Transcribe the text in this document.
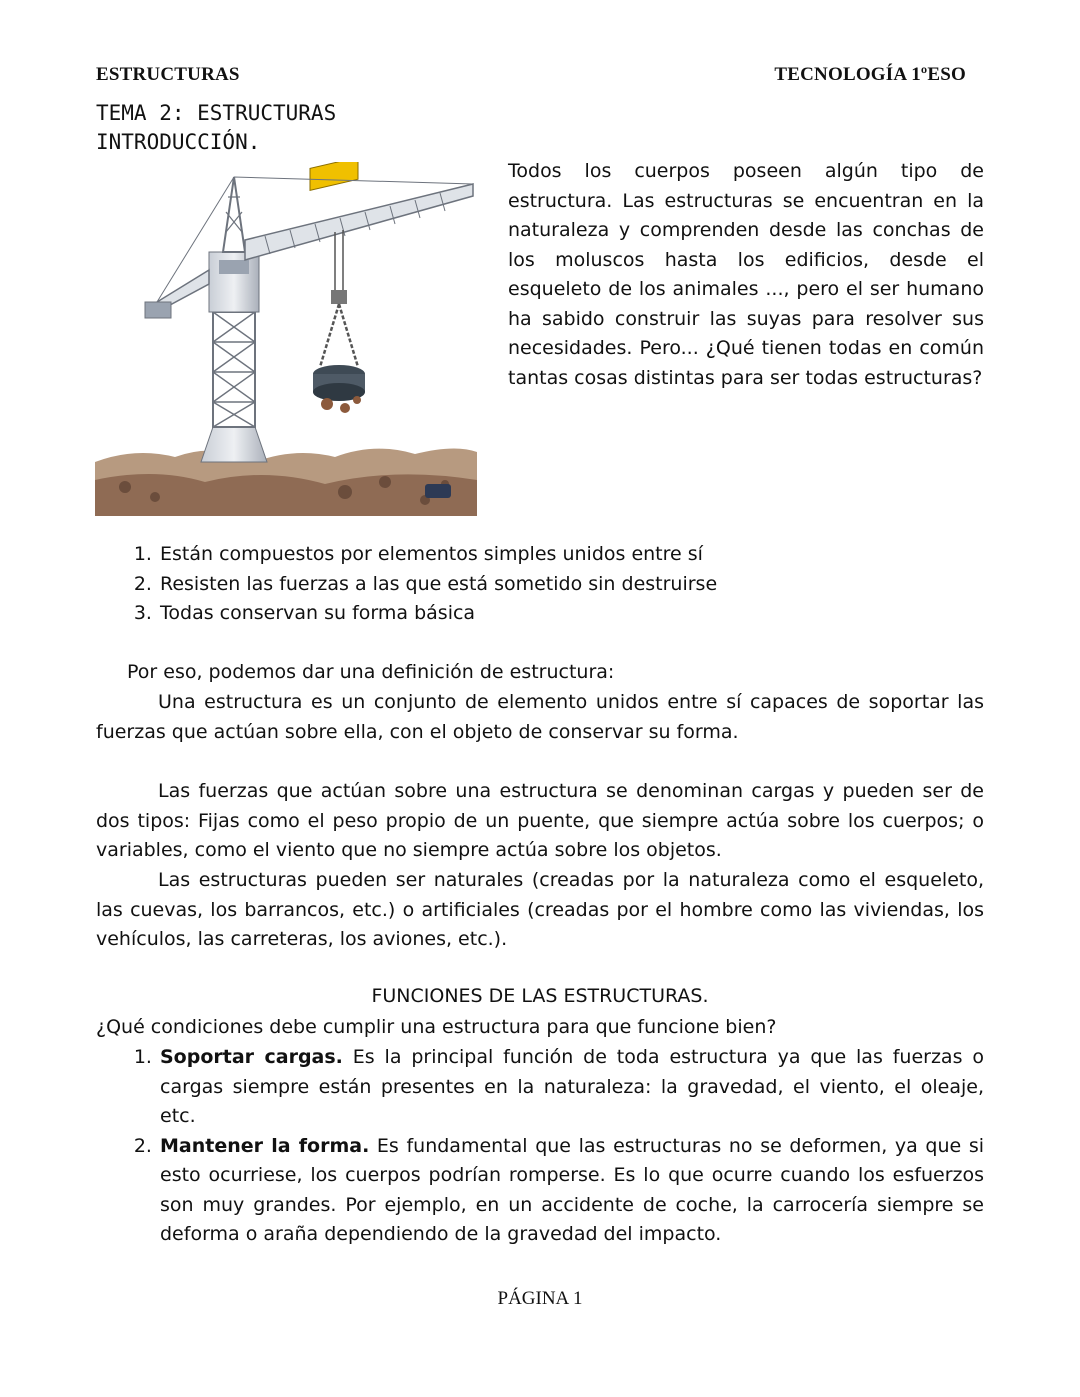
ESTRUCTURAS	TECNOLOGÍA 1ºESO
TEMA 2: ESTRUCTURAS
INTRODUCCIÓN.
Todos los cuerpos poseen algún tipo de estructura. Las estructuras se encuentran en la naturaleza y comprenden desde las conchas de los moluscos hasta los edificios, desde el esqueleto de los animales ..., pero el ser humano ha sabido construir las suyas para resolver sus necesidades. Pero... ¿Qué tienen todas en común tantas cosas distintas para ser todas estructuras?
1. Están compuestos por elementos simples unidos entre sí
2. Resisten las fuerzas a las que está sometido sin destruirse
3. Todas conservan su forma básica
Por eso, podemos dar una definición de estructura:
Una estructura es un conjunto de elemento unidos entre sí capaces de soportar las fuerzas que actúan sobre ella, con el objeto de conservar su forma.
Las fuerzas que actúan sobre una estructura se denominan cargas y pueden ser de dos tipos: Fijas como el peso propio de un puente, que siempre actúa sobre los cuerpos; o variables, como el viento que no siempre actúa sobre los objetos.
Las estructuras pueden ser naturales (creadas por la naturaleza como el esqueleto, las cuevas, los barrancos, etc.) o artificiales (creadas por el hombre como las viviendas, los vehículos, las carreteras, los aviones, etc.).
FUNCIONES DE LAS ESTRUCTURAS.
¿Qué condiciones debe cumplir una estructura para que funcione bien?
1. Soportar cargas. Es la principal función de toda estructura ya que las fuerzas o cargas siempre están presentes en la naturaleza: la gravedad, el viento, el oleaje, etc.
2. Mantener la forma. Es fundamental que las estructuras no se deformen, ya que si esto ocurriese, los cuerpos podrían romperse. Es lo que ocurre cuando los esfuerzos son muy grandes. Por ejemplo, en un accidente de coche, la carrocería siempre se deforma o araña dependiendo de la gravedad del impacto.
PÁGINA 1
